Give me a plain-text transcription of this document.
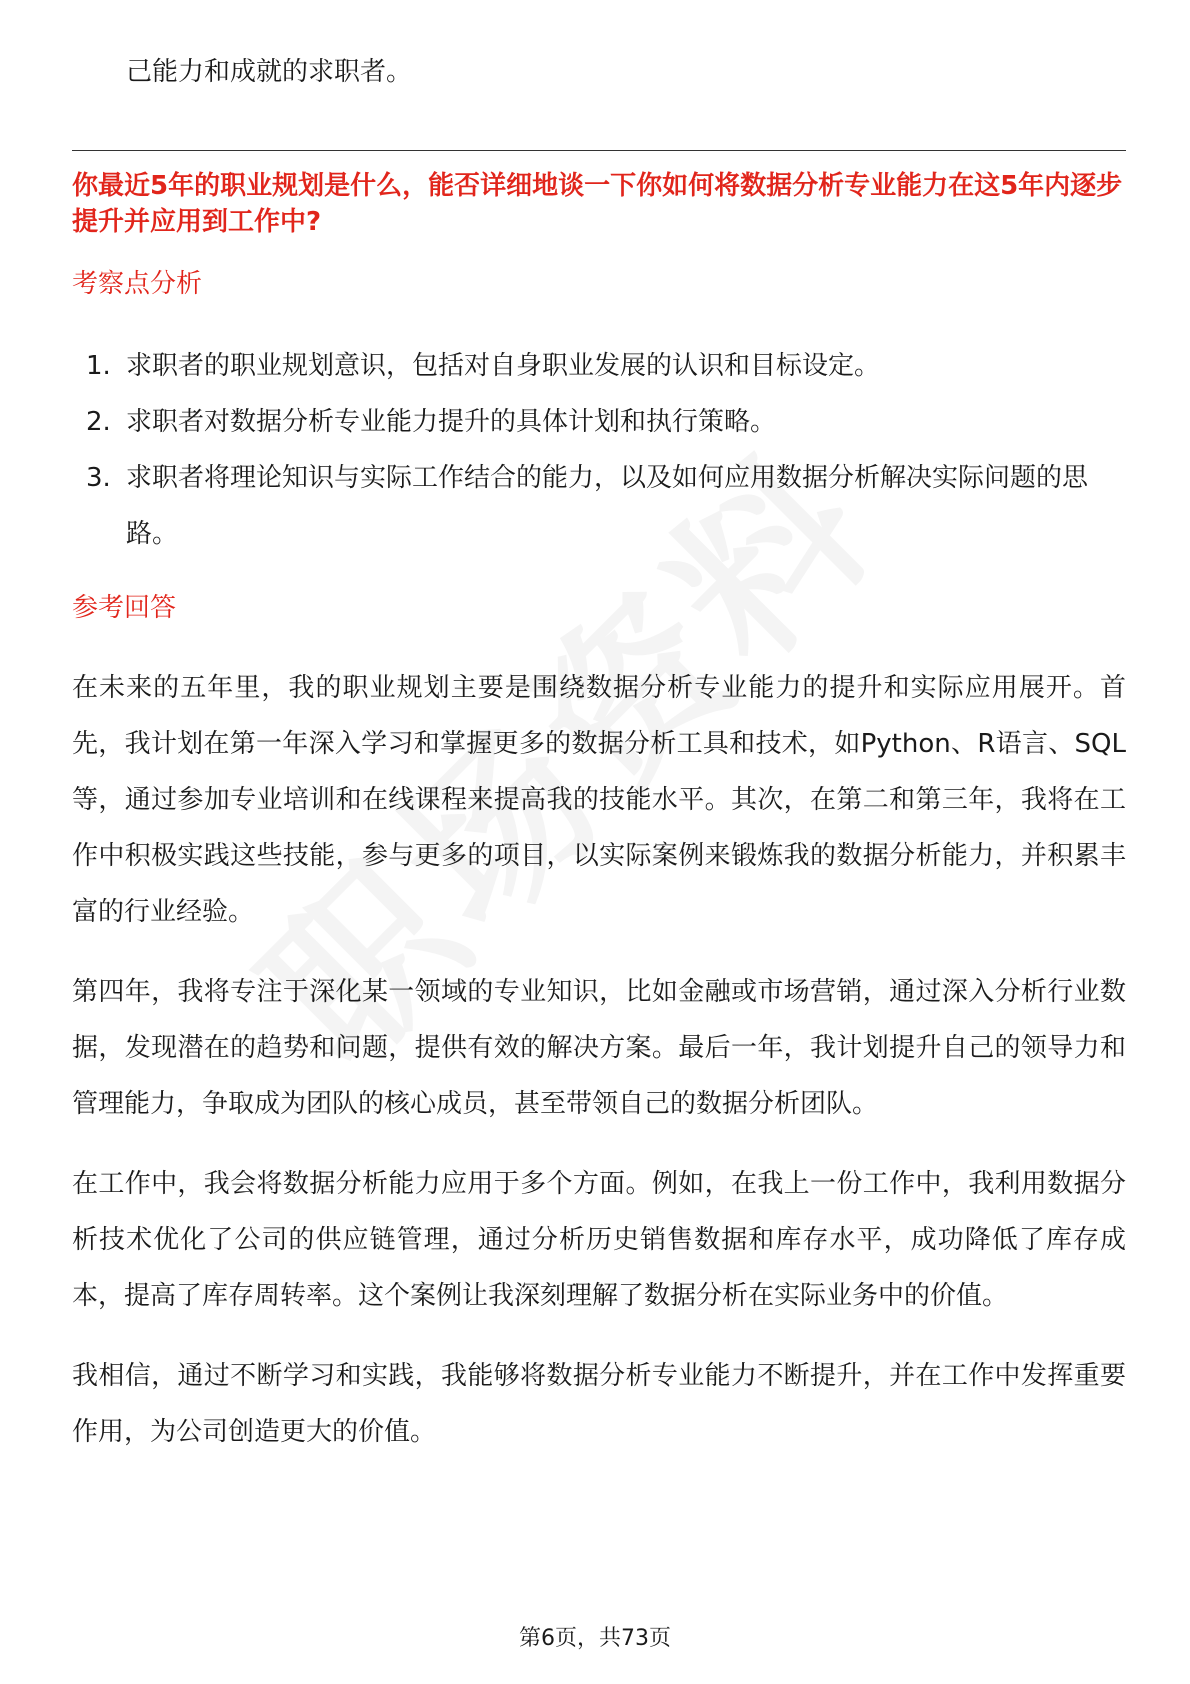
己能力和成就的求职者。
你最近5年的职业规划是什么，能否详细地谈一下你如何将数据分析专业能力在这5年内逐步提升并应用到工作中?
考察点分析
1. 求职者的职业规划意识，包括对自身职业发展的认识和目标设定。
2. 求职者对数据分析专业能力提升的具体计划和执行策略。
3. 求职者将理论知识与实际工作结合的能力，以及如何应用数据分析解决实际问题的思路。
参考回答

在未来的五年里，我的职业规划主要是围绕数据分析专业能力的提升和实际应用展开。首先，我计划在第一年深入学习和掌握更多的数据分析工具和技术，如Python、R语言、SQL等，通过参加专业培训和在线课程来提高我的技能水平。其次，在第二和第三年，我将在工作中积极实践这些技能，参与更多的项目，以实际案例来锻炼我的数据分析能力，并积累丰富的行业经验。

第四年，我将专注于深化某一领域的专业知识，比如金融或市场营销，通过深入分析行业数据，发现潜在的趋势和问题，提供有效的解决方案。最后一年，我计划提升自己的领导力和管理能力，争取成为团队的核心成员，甚至带领自己的数据分析团队。

在工作中，我会将数据分析能力应用于多个方面。例如，在我上一份工作中，我利用数据分析技术优化了公司的供应链管理，通过分析历史销售数据和库存水平，成功降低了库存成本，提高了库存周转率。这个案例让我深刻理解了数据分析在实际业务中的价值。

我相信，通过不断学习和实践，我能够将数据分析专业能力不断提升，并在工作中发挥重要作用，为公司创造更大的价值。

第6页，共73页
